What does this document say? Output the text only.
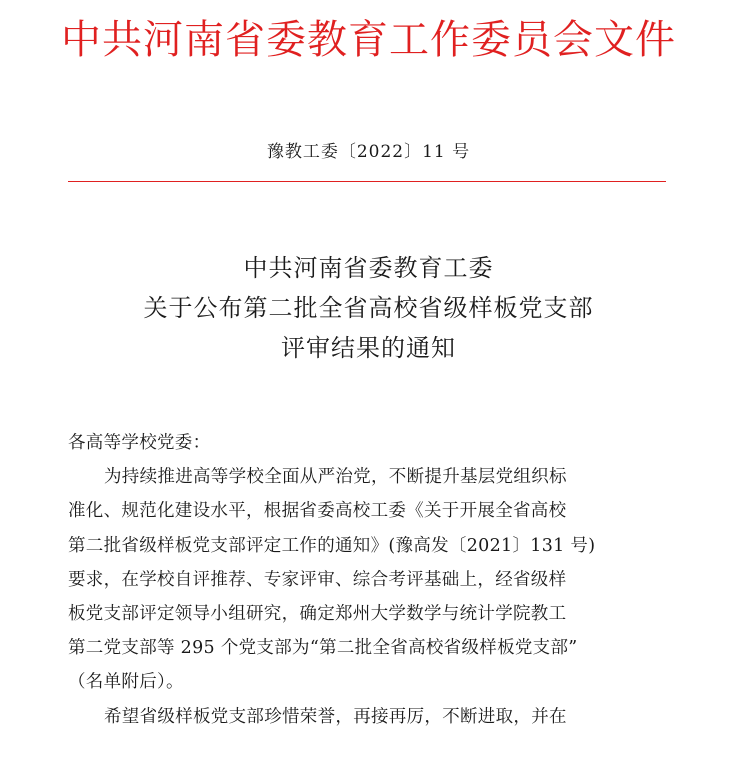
中共河南省委教育工作委员会文件
豫教工委〔2022〕11 号
中共河南省委教育工委
关于公布第二批全省高校省级样板党支部
评审结果的通知
各高等学校党委：
为持续推进高等学校全面从严治党，不断提升基层党组织标
准化、规范化建设水平，根据省委高校工委《关于开展全省高校
第二批省级样板党支部评定工作的通知》(豫高发〔2021〕131 号)
要求，在学校自评推荐、专家评审、综合考评基础上，经省级样
板党支部评定领导小组研究，确定郑州大学数学与统计学院教工
第二党支部等 295 个党支部为“第二批全省高校省级样板党支部”
（名单附后）。
希望省级样板党支部珍惜荣誉，再接再厉，不断进取，并在
